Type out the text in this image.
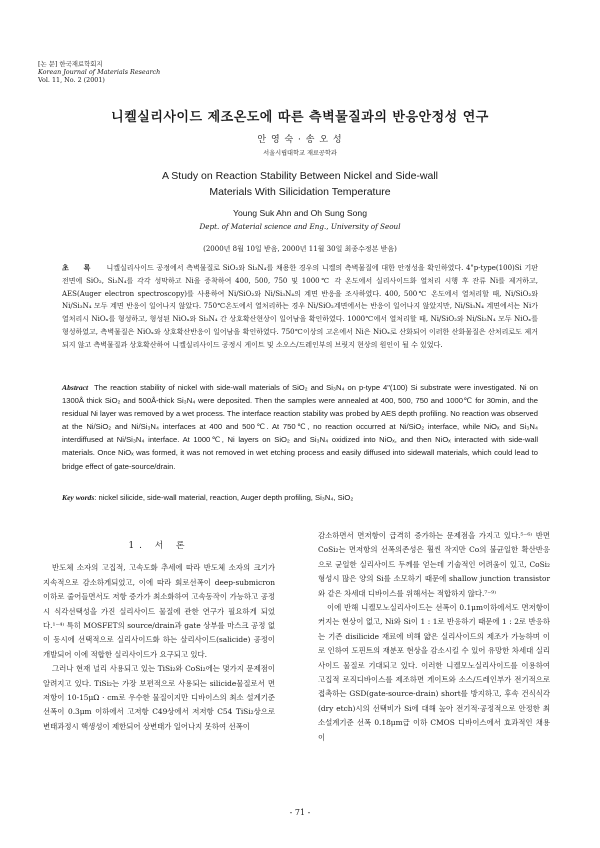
[논 문] 한국재료학회지
Korean Journal of Materials Research
Vol. 11, No. 2 (2001)
니켈실리사이드 제조온도에 따른 측벽물질과의 반응안정성 연구
안 영 숙 · 송 오 성
서울시립대학교 재료공학과
A Study on Reaction Stability Between Nickel and Side-wall
Materials With Silicidation Temperature
Young Suk Ahn and Oh Sung Song
Dept. of Material science and Eng., University of Seoul
(2000년 8월 10일 받음, 2000년 11월 30일 최종수정본 받음)
초 록 니켈실리사이드 공정에서 측벽물질로 SiO₂와 Si₃N₄를 채용한 경우의 니켈의 측벽물질에 대한 안정성을 확인하였다. 4"p-type(100)Si 기판 전면에 SiO₂, Si₃N₄를 각각 성막하고 Ni을 증착하여 400, 500, 750 및 1000℃ 각 온도에서 실리사이드화 열처리 시행 후 잔류 Ni를 제거하고, AES(Auger electron spectroscopy)를 사용하여 Ni/SiO₂와 Ni/Si₃N₄의 계면 반응을 조사하였다. 400, 500℃ 온도에서 열처리할 때, Ni/SiO₂와 Ni/Si₃N₄ 모두 계면 반응이 일어나지 않았다. 750℃온도에서 열처리하는 경우 Ni/SiO₂계면에서는 반응이 일어나지 않았지만, Ni/Si₃N₄ 계면에서는 Ni가 열처리시 NiOₓ를 형성하고, 형성된 NiOₓ와 Si₃N₄ 간 상호확산현상이 일어남을 확인하였다. 1000℃에서 열처리할 때, Ni/SiO₂와 Ni/Si₃N₄ 모두 NiOₓ를 형성하였고, 측벽물질은 NiOₓ와 상호확산반응이 일어남을 확인하였다. 750℃이상의 고온에서 Ni은 NiOₓ로 산화되어 이러한 산화물질은 산처리로도 제거되지 않고 측벽물질과 상호확산하여 니켈실리사이드 공정시 게이트 및 소오스/드레인부의 브릿지 현상의 원인이 될 수 있었다.
Abstract The reaction stability of nickel with side-wall materials of SiO₂ and Si₃N₄ on p-type 4"(100) Si substrate were investigated. Ni on 1300Å thick SiO₂ and 500Å-thick Si₃N₄ were deposited. Then the samples were annealed at 400, 500, 750 and 1000℃ for 30min, and the residual Ni layer was removed by a wet process. The interface reaction stability was probed by AES depth profiling. No reaction was observed at the Ni/SiO₂ and Ni/Si₃N₄ interfaces at 400 and 500℃. At 750℃, no reaction occurred at Ni/SiO₂ interface, while NiOₓ and Si₃N₄ interdiffused at Ni/Si₃N₄ interface. At 1000℃, Ni layers on SiO₂ and Si₃N₄ oxidized into NiOₓ, and then NiOₓ interacted with side-wall materials. Once NiOₓ was formed, it was not removed in wet etching process and easily diffused into sidewall materials, which could lead to bridge effect of gate-source/drain.
Key words: nickel silicide, side-wall material, reaction, Auger depth profiling, Si₃N₄, SiO₂
1. 서 론

반도체 소자의 고집적, 고속도화 추세에 따라 반도체 소자의 크기가 지속적으로 감소하게되었고, 이에 따라 회로선폭이 deep-submicron 이하로 줄어들면서도 저항 증가가 최소화하여 고속동작이 가능하고 공정시 식각선택성을 가진 실리사이드 물질에 관한 연구가 필요하게 되었다.¹⁻⁴⁾ 특히 MOSFET의 source/drain과 gate 상부를 마스크 공정 없이 동시에 선택적으로 실리사이드화 하는 살리사이드(salicide) 공정이 개발되어 이에 적합한 실리사이드가 요구되고 있다.

그러나 현재 널리 사용되고 있는 TiSi₂와 CoSi₂에는 몇가지 문제점이 알려지고 있다. TiSi₂는 가장 보편적으로 사용되는 silicide물질로서 면저항이 10-15μΩ · cm로 우수한 물질이지만 디바이스의 최소 설계기준 선폭이 0.3μm 이하에서 고저항 C49상에서 저저항 C54 TiSi₂상으로 변태과정시 핵생성이 제한되어 상변태가 일어나지 못하여 선폭이

감소하면서 면저항이 급격히 증가하는 문제점을 가지고 있다.⁵⁻⁶⁾ 반면 CoSi₂는 면저항의 선폭의존성은 훨씬 작지만 Co의 불균일한 확산반응으로 균일한 실리사이드 두께를 얻는데 기술적인 어려움이 있고, CoSi₂형성시 많은 양의 Si를 소모하기 때문에 shallow junction transistor와 같은 차세대 디바이스를 위해서는 적합하지 않다.⁷⁻⁹⁾

이에 반해 니켈모노실리사이드는 선폭이 0.1μm이하에서도 면저항이 커지는 현상이 없고, Ni와 Si이 1 : 1로 반응하기 때문에 1 : 2로 반응하는 기존 disilicide 재료에 비해 얇은 실리사이드의 제조가 가능하며 이로 인하여 도핀트의 재분포 현상을 감소시킬 수 있어 유망한 차세대 실리사이드 물질로 기대되고 있다. 이러한 니켈모노실리사이드를 이용하여 고집적 로직디바이스를 제조하면 게이트와 소스/드레인부가 전기적으로 접촉하는 GSD(gate-source-drain) short를 방지하고, 후속 건식식각(dry etch)시의 선택비가 Si에 대해 높아 전기적·공정적으로 안정한 최소설계기준 선폭 0.18μm급 이하 CMOS 디바이스에서 효과적인 채용이

- 71 -
